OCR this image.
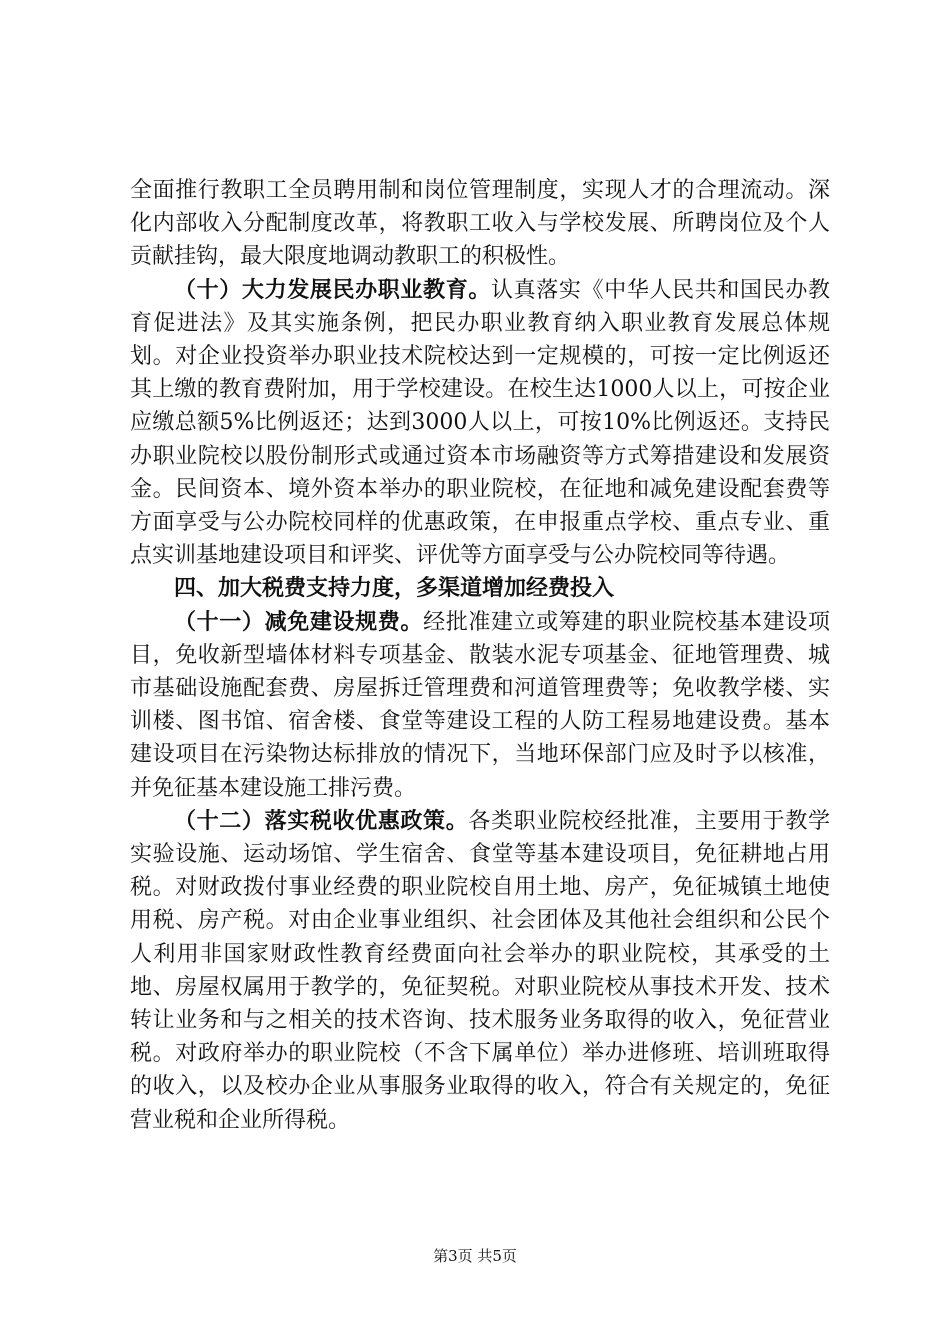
全面推行教职工全员聘用制和岗位管理制度，实现人才的合理流动。深化内部收入分配制度改革，将教职工收入与学校发展、所聘岗位及个人贡献挂钩，最大限度地调动教职工的积极性。

（十）大力发展民办职业教育。认真落实《中华人民共和国民办教育促进法》及其实施条例，把民办职业教育纳入职业教育发展总体规划。对企业投资举办职业技术院校达到一定规模的，可按一定比例返还其上缴的教育费附加，用于学校建设。在校生达1000人以上，可按企业应缴总额5%比例返还；达到3000人以上，可按10%比例返还。支持民办职业院校以股份制形式或通过资本市场融资等方式筹措建设和发展资金。民间资本、境外资本举办的职业院校，在征地和减免建设配套费等方面享受与公办院校同样的优惠政策，在申报重点学校、重点专业、重点实训基地建设项目和评奖、评优等方面享受与公办院校同等待遇。

四、加大税费支持力度，多渠道增加经费投入

（十一）减免建设规费。经批准建立或筹建的职业院校基本建设项目，免收新型墙体材料专项基金、散装水泥专项基金、征地管理费、城市基础设施配套费、房屋拆迁管理费和河道管理费等；免收教学楼、实训楼、图书馆、宿舍楼、食堂等建设工程的人防工程易地建设费。基本建设项目在污染物达标排放的情况下，当地环保部门应及时予以核准，并免征基本建设施工排污费。

（十二）落实税收优惠政策。各类职业院校经批准，主要用于教学实验设施、运动场馆、学生宿舍、食堂等基本建设项目，免征耕地占用税。对财政拨付事业经费的职业院校自用土地、房产，免征城镇土地使用税、房产税。对由企业事业组织、社会团体及其他社会组织和公民个人利用非国家财政性教育经费面向社会举办的职业院校，其承受的土地、房屋权属用于教学的，免征契税。对职业院校从事技术开发、技术转让业务和与之相关的技术咨询、技术服务业务取得的收入，免征营业税。对政府举办的职业院校（不含下属单位）举办进修班、培训班取得的收入，以及校办企业从事服务业取得的收入，符合有关规定的，免征营业税和企业所得税。

第3页 共5页
